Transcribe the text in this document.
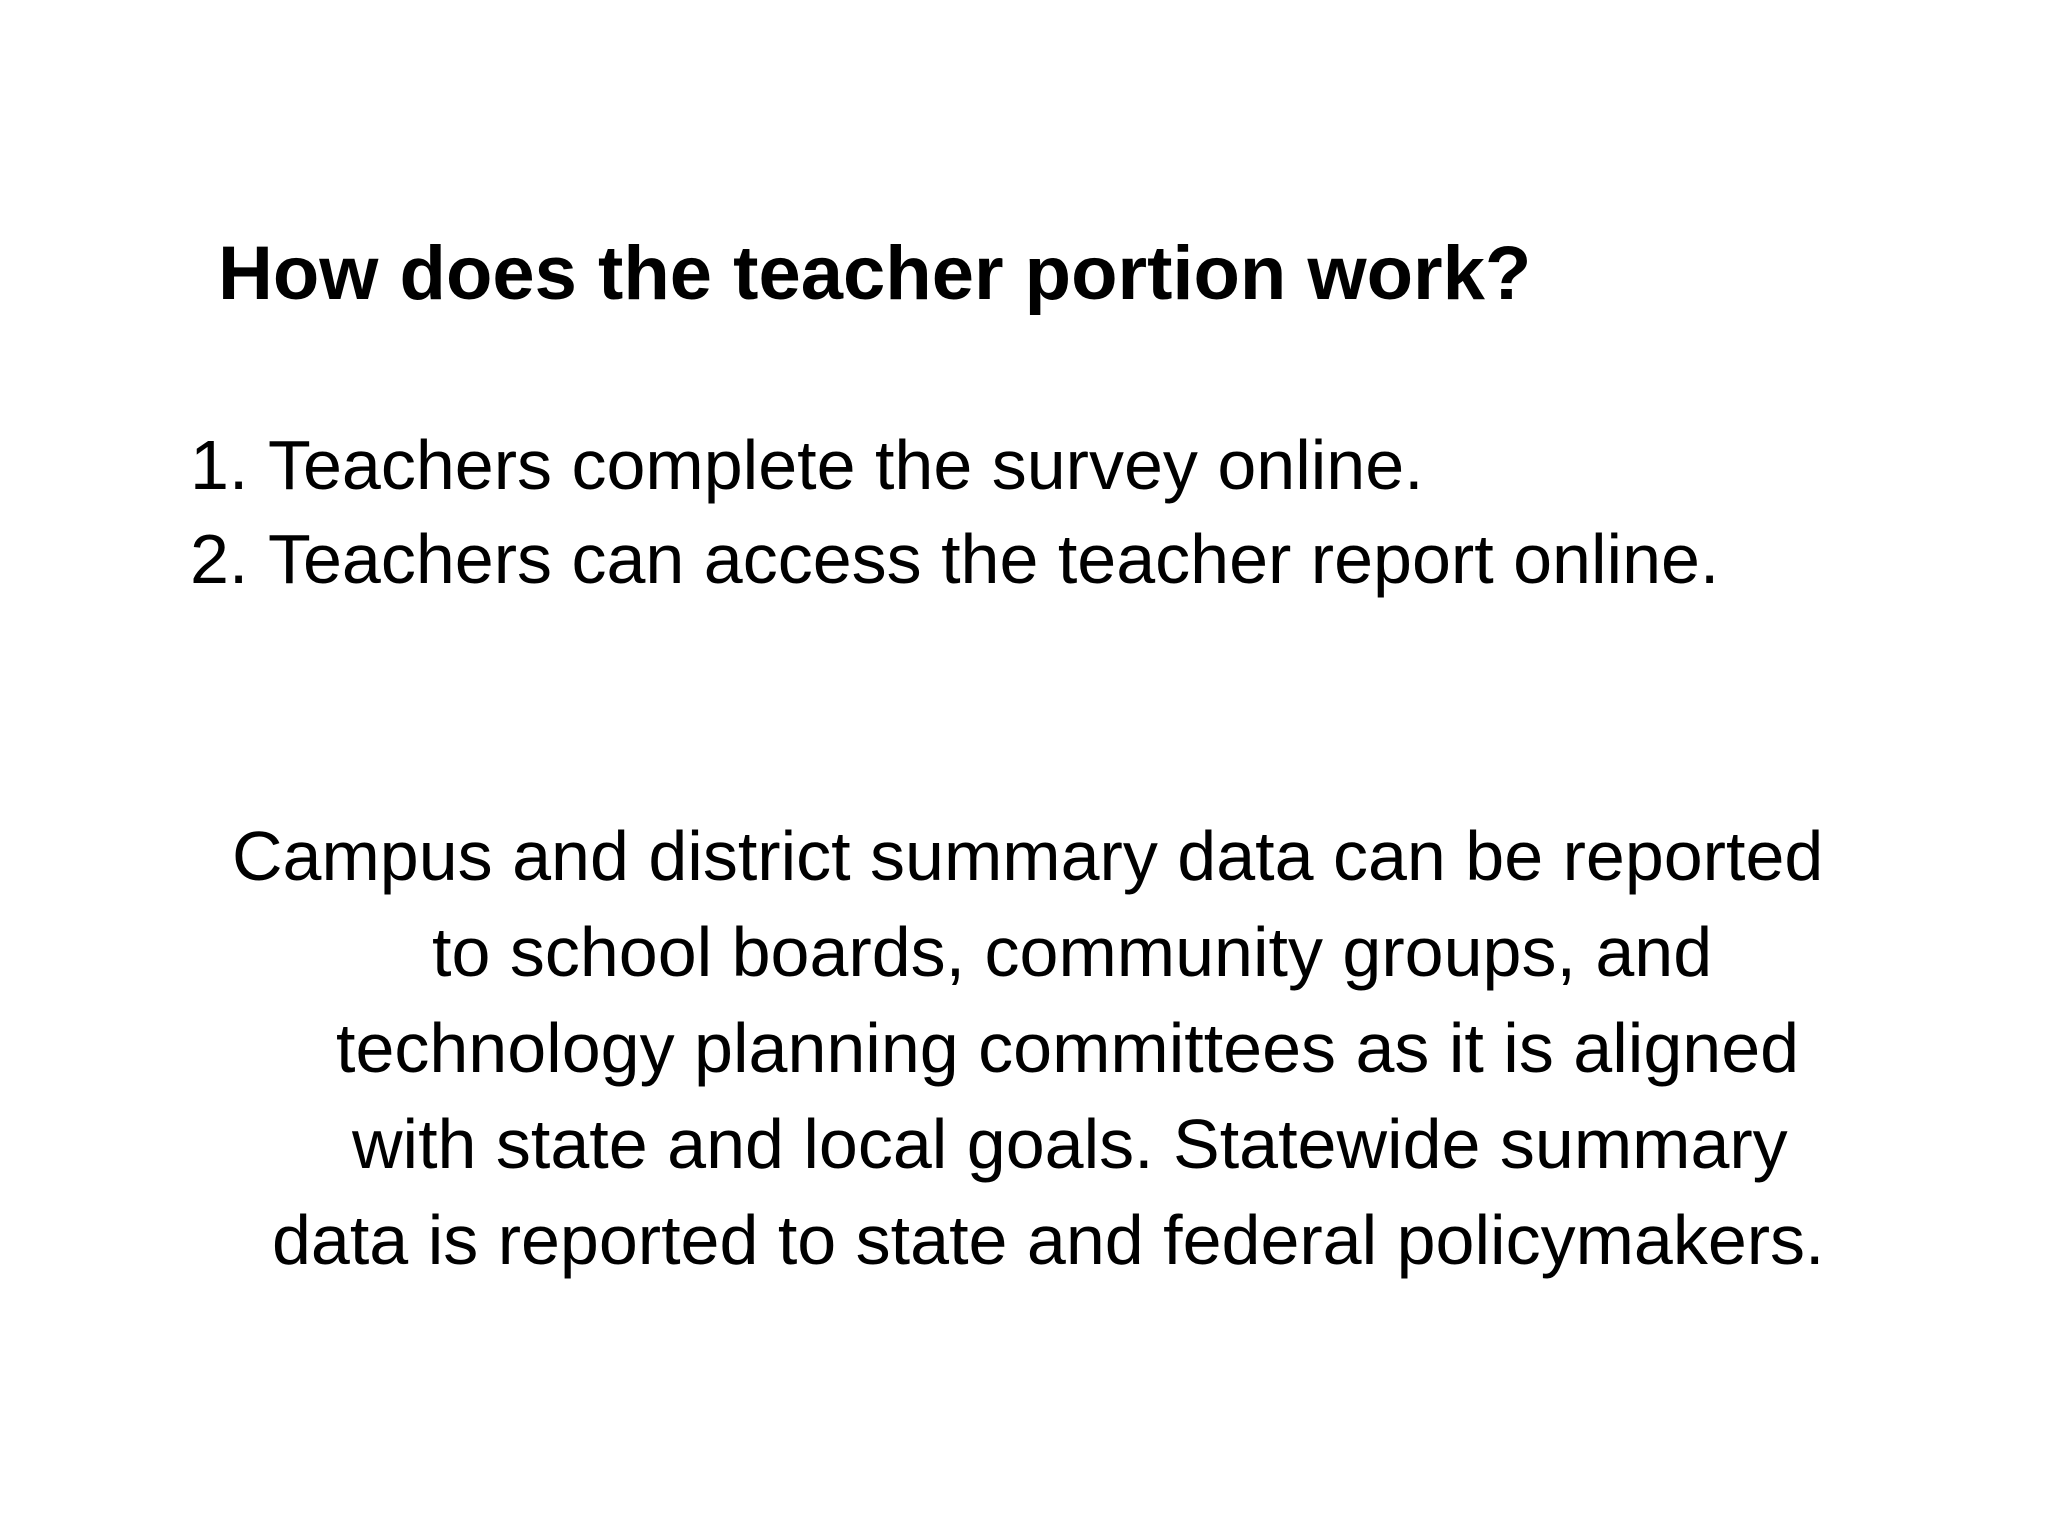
How does the teacher portion work?
1. Teachers complete the survey online.
2. Teachers can access the teacher report online.

Campus and district summary data can be reported
to school boards, community groups, and
technology planning committees as it is aligned
with state and local goals. Statewide summary
data is reported to state and federal policymakers.
